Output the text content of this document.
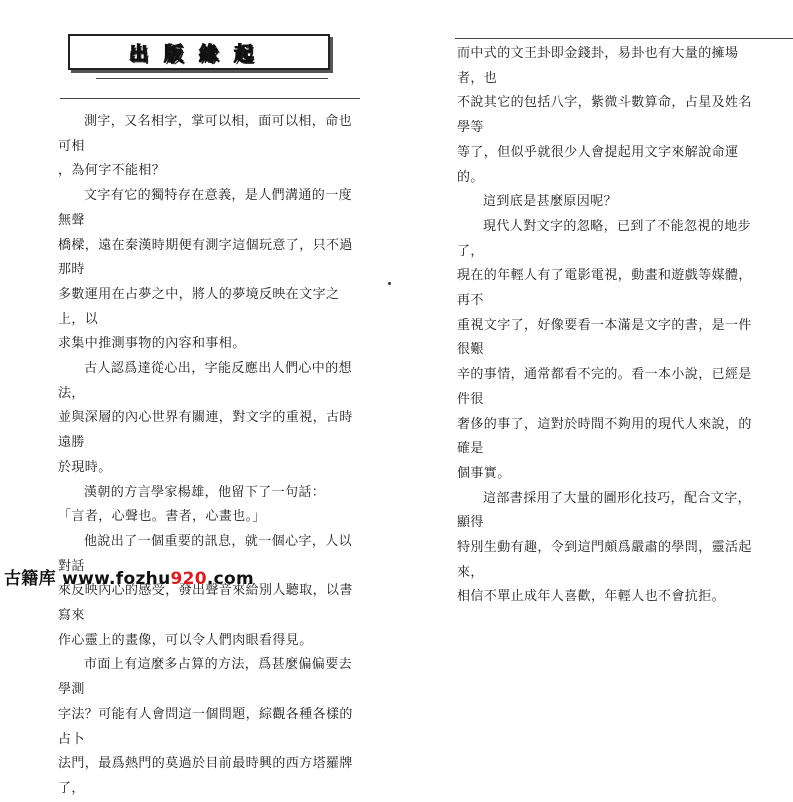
出版緣起
測字，又名相字，掌可以相，面可以相，命也可相
，為何字不能相？
文字有它的獨特存在意義，是人們溝通的一度無聲
橋樑，遠在秦漢時期便有測字這個玩意了，只不過那時
多數運用在占夢之中，將人的夢境反映在文字之上，以
求集中推測事物的內容和事相。
古人認爲達從心出，字能反應出人們心中的想法，
並與深層的內心世界有關連，對文字的重視，古時遠勝
於現時。
漢朝的方言學家楊雄，他留下了一句話：
「言者，心聲也。書者，心畫也。」
他說出了一個重要的訊息，就一個心字，人以對話
來反映內心的感受，發出聲音來給別人聽取，以書寫來
作心靈上的畫像，可以令人們肉眼看得見。
市面上有這麼多占算的方法，爲甚麼偏偏要去學測
字法？可能有人會問這一個問題，綜觀各種各樣的占卜
法門，最爲熱門的莫過於目前最時興的西方塔羅牌了，
而中式的文王卦即金錢卦，易卦也有大量的擁場者，也
不說其它的包括八字，紫微斗數算命，占星及姓名學等
等了，但似乎就很少人會提起用文字來解說命運的。
這到底是甚麼原因呢？
現代人對文字的忽略，已到了不能忽視的地步了，
現在的年輕人有了電影電視，動畫和遊戲等媒體，再不
重視文字了，好像要看一本滿是文字的書，是一件很艱
辛的事情，通常都看不完的。看一本小說，已經是件很
奢侈的事了，這對於時間不夠用的現代人來說，的確是
個事實。
這部書採用了大量的圖形化技巧，配合文字，顯得
特別生動有趣，令到這門頗爲嚴肅的學問，靈活起來，
相信不單止成年人喜歡，年輕人也不會抗拒。
古籍库 www.fozhu920.com
